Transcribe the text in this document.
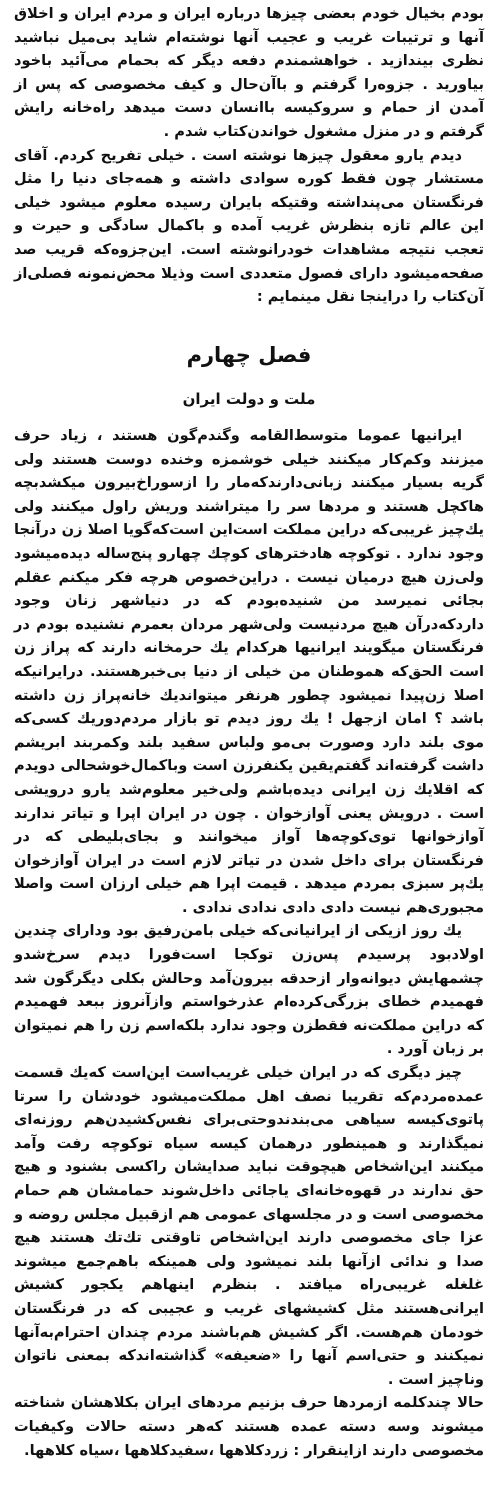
بودم بخیال خودم بعضی چیزها درباره ایران و مردم ایران و اخلاق آنها و ترتیبات غریب و عجیب آنها نوشته‌ام شاید بی‌میل نباشید نظری بیندازید . خواهشمندم دفعه دیگر که بحمام می‌آئید باخود بیاورید . جزوه‌را گرفتم و باآن‌حال و کیف مخصوصی که پس از آمدن از حمام و سروکیسه باانسان دست میدهد راه‌خانه رایش گرفتم و در منزل مشغول خواندن‌کتاب شدم .

دیدم یارو معقول چیزها نوشته است . خیلی تفریح کردم. آقای مستشار چون فقط کوره سوادی داشته و همه‌جای دنیا را مثل فرنگستان می‌پنداشته وقتیکه بایران رسیده معلوم میشود خیلی این عالم تازه بنظرش غریب آمده و باکمال سادگی و حیرت و تعجب نتیجه مشاهدات خودرانوشته است. این‌جزوه‌که قریب صد صفحه‌میشود دارای فصول متعددی است وذیلا محض‌نمونه فصلی‌از آن‌کتاب را دراینجا نقل مینمایم :

فصل چهارم
ملت و دولت ایران

ایرانیها عموما متوسط‌القامه وگندم‌گون هستند ، زیاد حرف میزنند وکم‌کار میکنند خیلی خوشمزه وخنده دوست هستند ولی گریه بسیار میکنند زبانی‌دارندکه‌مار را ازسوراخ‌بیرون میکشدبچه هاکچل هستند و مردها سر را میتراشند وریش راول میکنند ولی یك‌چیز غریبی‌که دراین مملکت است‌این است‌که‌گویا اصلا زن درآنجا وجود ندارد . توکوچه هادخترهای کوچك چهارو پنج‌ساله دیده‌میشود ولی‌زن هیچ درمیان نیست . دراین‌خصوص هرچه فکر میکنم عقلم بجائی نمیرسد من شنیده‌بودم که در دنیاشهر زنان وجود داردکه‌درآن هیچ مردنیست ولی‌شهر مردان بعمرم نشنیده بودم در فرنگستان میگویند ایرانیها هرکدام یك حرمخانه دارند که پراز زن است الحق‌که هموطنان من خیلی از دنیا بی‌خبرهستند. درایرانیکه اصلا زن‌پیدا نمیشود چطور هرنفر میتواندیك خانه‌پراز زن داشته باشد ؟ امان ازجهل ! یك روز دیدم تو بازار مردم‌دوریك کسی‌که موی بلند دارد وصورت بی‌مو ولباس سفید بلند وکمربند ابریشم داشت گرفته‌اند گفتم‌یقین یکنفرزن است وباکمال‌خوشحالی دویدم که اقلایك زن ایرانی دیده‌باشم ولی‌خیر معلوم‌شد یارو درویشی است . درویش یعنی آوازخوان . چون در ایران اپرا و تیاتر ندارند آوازخوانها توی‌کوچه‌ها آواز میخوانند و بجای‌بلیطی که در فرنگستان برای داخل شدن در تیاتر لازم است در ایران آوازخوان یك‌پر سبزی بمردم میدهد . قیمت اپرا هم خیلی ارزان است واصلا مجبوری‌هم نیست دادی دادی ندادی ندادی .

یك روز ازیکی از ایرانیانی‌که خیلی بامن‌رفیق بود ودارای چندین اولادبود پرسیدم پس‌زن توکجا است‌فورا دیدم سرخ‌شدو چشمهایش دیوانه‌وار ازحدقه بیرون‌آمد وحالش بکلی دیگرگون شد فهمیدم خطای بزرگی‌کرده‌ام عذرخواستم وازآنروز ببعد فهمیدم که دراین مملکت‌نه فقطزن وجود ندارد بلکه‌اسم زن را هم نمیتوان بر زبان آورد .

چیز دیگری که در ایران خیلی غریب‌است این‌است که‌یك قسمت عمده‌مردم‌که تقریبا نصف اهل مملکت‌میشود خودشان را سرتا پاتوی‌کیسه سیاهی می‌بندندوحتی‌برای نفس‌کشیدن‌هم روزنه‌ای نمیگذارند و همینطور درهمان کیسه سیاه توکوچه رفت وآمد میکنند این‌اشخاص هیچوقت نباید صدایشان راکسی بشنود و هیچ حق ندارند در قهوه‌خانه‌ای یاجائی داخل‌شوند حمامشان هم حمام مخصوصی است و در مجلسهای عمومی هم ازقبیل مجلس روضه و عزا جای مخصوصی دارند این‌اشخاص تاوقتی تك‌تك هستند هیچ صدا و ندائی ازآنها بلند نمیشود ولی همینکه باهم‌جمع میشوند غلغله غریبی‌راه میافتد . بنظرم اینهاهم یکجور کشیش ایرانی‌هستند مثل کشیشهای غریب و عجیبی که در فرنگستان خودمان هم‌هست. اگر کشیش هم‌باشند مردم چندان احترام‌به‌آنها نمیکنند و حتی‌اسم آنها را «ضعیفه» گذاشته‌اندکه بمعنی ناتوان وناچیز است .

حالا چندکلمه ازمردها حرف بزنیم مردهای ایران بکلاهشان شناخته میشوند وسه دسته عمده هستند که‌هر دسته حالات وکیفیات مخصوصی دارند ازاینقرار : زردکلاهها ،سفیدکلاهها ،سیاه کلاهها.
